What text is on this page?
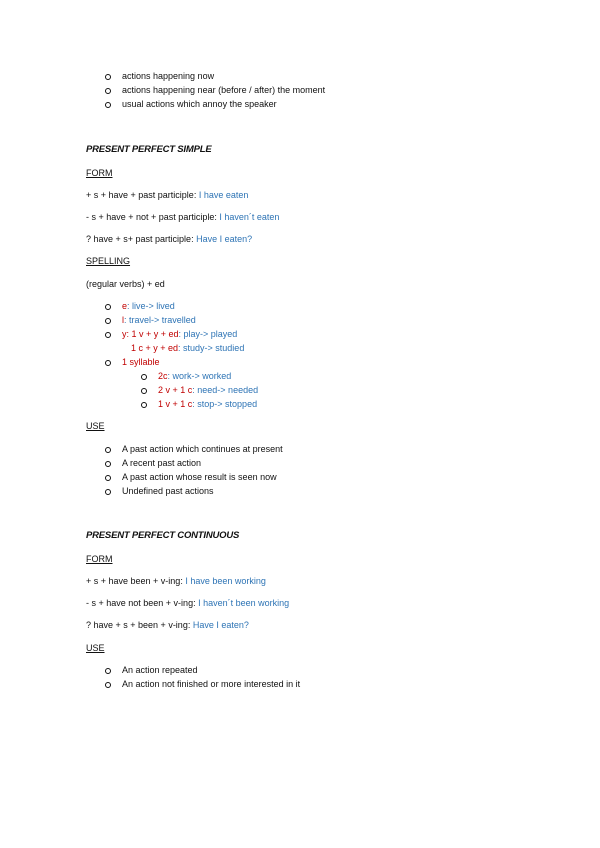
actions happening now
actions happening near (before / after) the moment
usual actions which annoy the speaker
PRESENT PERFECT SIMPLE
FORM
+ s + have + past participle: I have eaten
- s + have + not + past participle: I haven´t eaten
? have + s+ past participle: Have I eaten?
SPELLING
(regular verbs) + ed
e: live-> lived
l: travel-> travelled
y: 1 v + y + ed: play-> played
1 c + y + ed: study-> studied
1 syllable
2c: work-> worked
2 v + 1 c: need-> needed
1 v + 1 c: stop-> stopped
USE
A past action which continues at present
A recent past action
A past action whose result is seen now
Undefined past actions
PRESENT PERFECT CONTINUOUS
FORM
+ s + have been + v-ing: I have been working
- s + have not been + v-ing: I haven´t been working
? have + s + been + v-ing: Have I eaten?
USE
An action repeated
An action not finished or more interested in it
